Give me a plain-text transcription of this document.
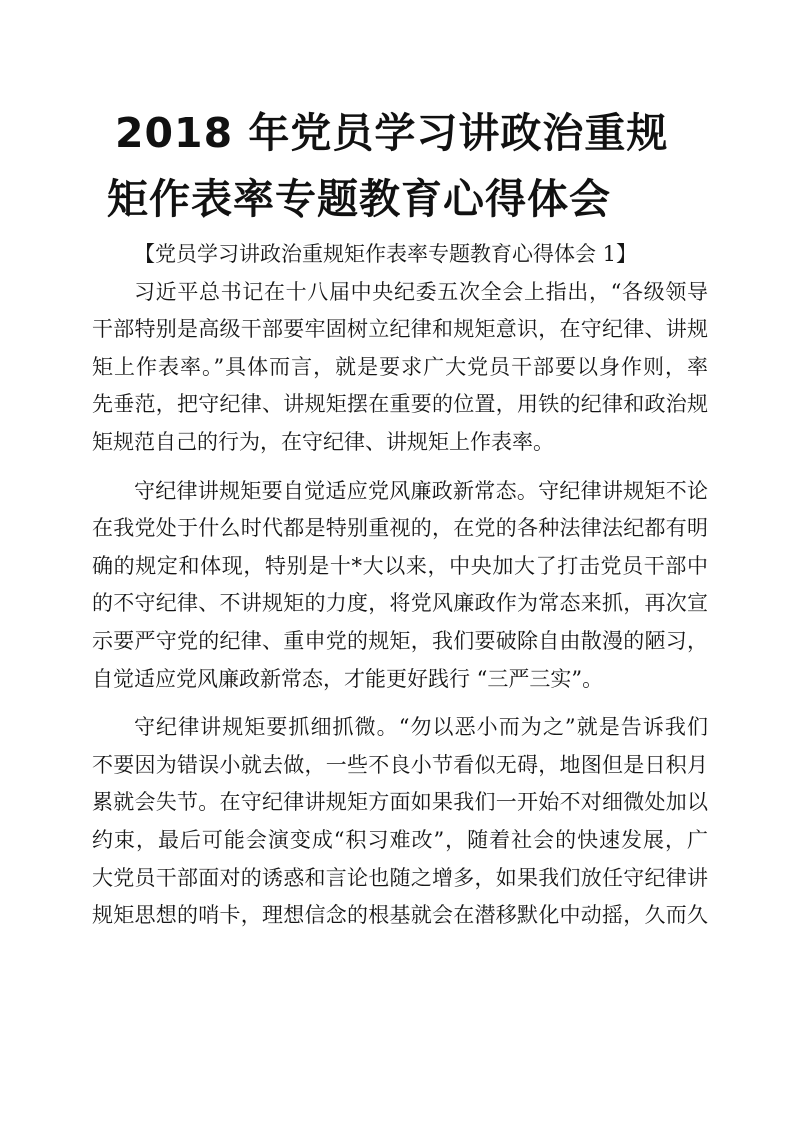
2018 年党员学习讲政治重规
矩作表率专题教育心得体会
【党员学习讲政治重规矩作表率专题教育心得体会 1】
习近平总书记在十八届中央纪委五次全会上指出，“各级领导
干部特别是高级干部要牢固树立纪律和规矩意识，在守纪律、讲规
矩上作表率。”具体而言，就是要求广大党员干部要以身作则，率
先垂范，把守纪律、讲规矩摆在重要的位置，用铁的纪律和政治规
矩规范自己的行为，在守纪律、讲规矩上作表率。
守纪律讲规矩要自觉适应党风廉政新常态。守纪律讲规矩不论
在我党处于什么时代都是特别重视的，在党的各种法律法纪都有明
确的规定和体现，特别是十*大以来，中央加大了打击党员干部中
的不守纪律、不讲规矩的力度，将党风廉政作为常态来抓，再次宣
示要严守党的纪律、重申党的规矩，我们要破除自由散漫的陋习，
自觉适应党风廉政新常态，才能更好践行 “三严三实”。
守纪律讲规矩要抓细抓微。“勿以恶小而为之”就是告诉我们
不要因为错误小就去做，一些不良小节看似无碍，地图但是日积月
累就会失节。在守纪律讲规矩方面如果我们一开始不对细微处加以
约束，最后可能会演变成“积习难改”，随着社会的快速发展，广
大党员干部面对的诱惑和言论也随之增多，如果我们放任守纪律讲
规矩思想的哨卡，理想信念的根基就会在潜移默化中动摇，久而久
